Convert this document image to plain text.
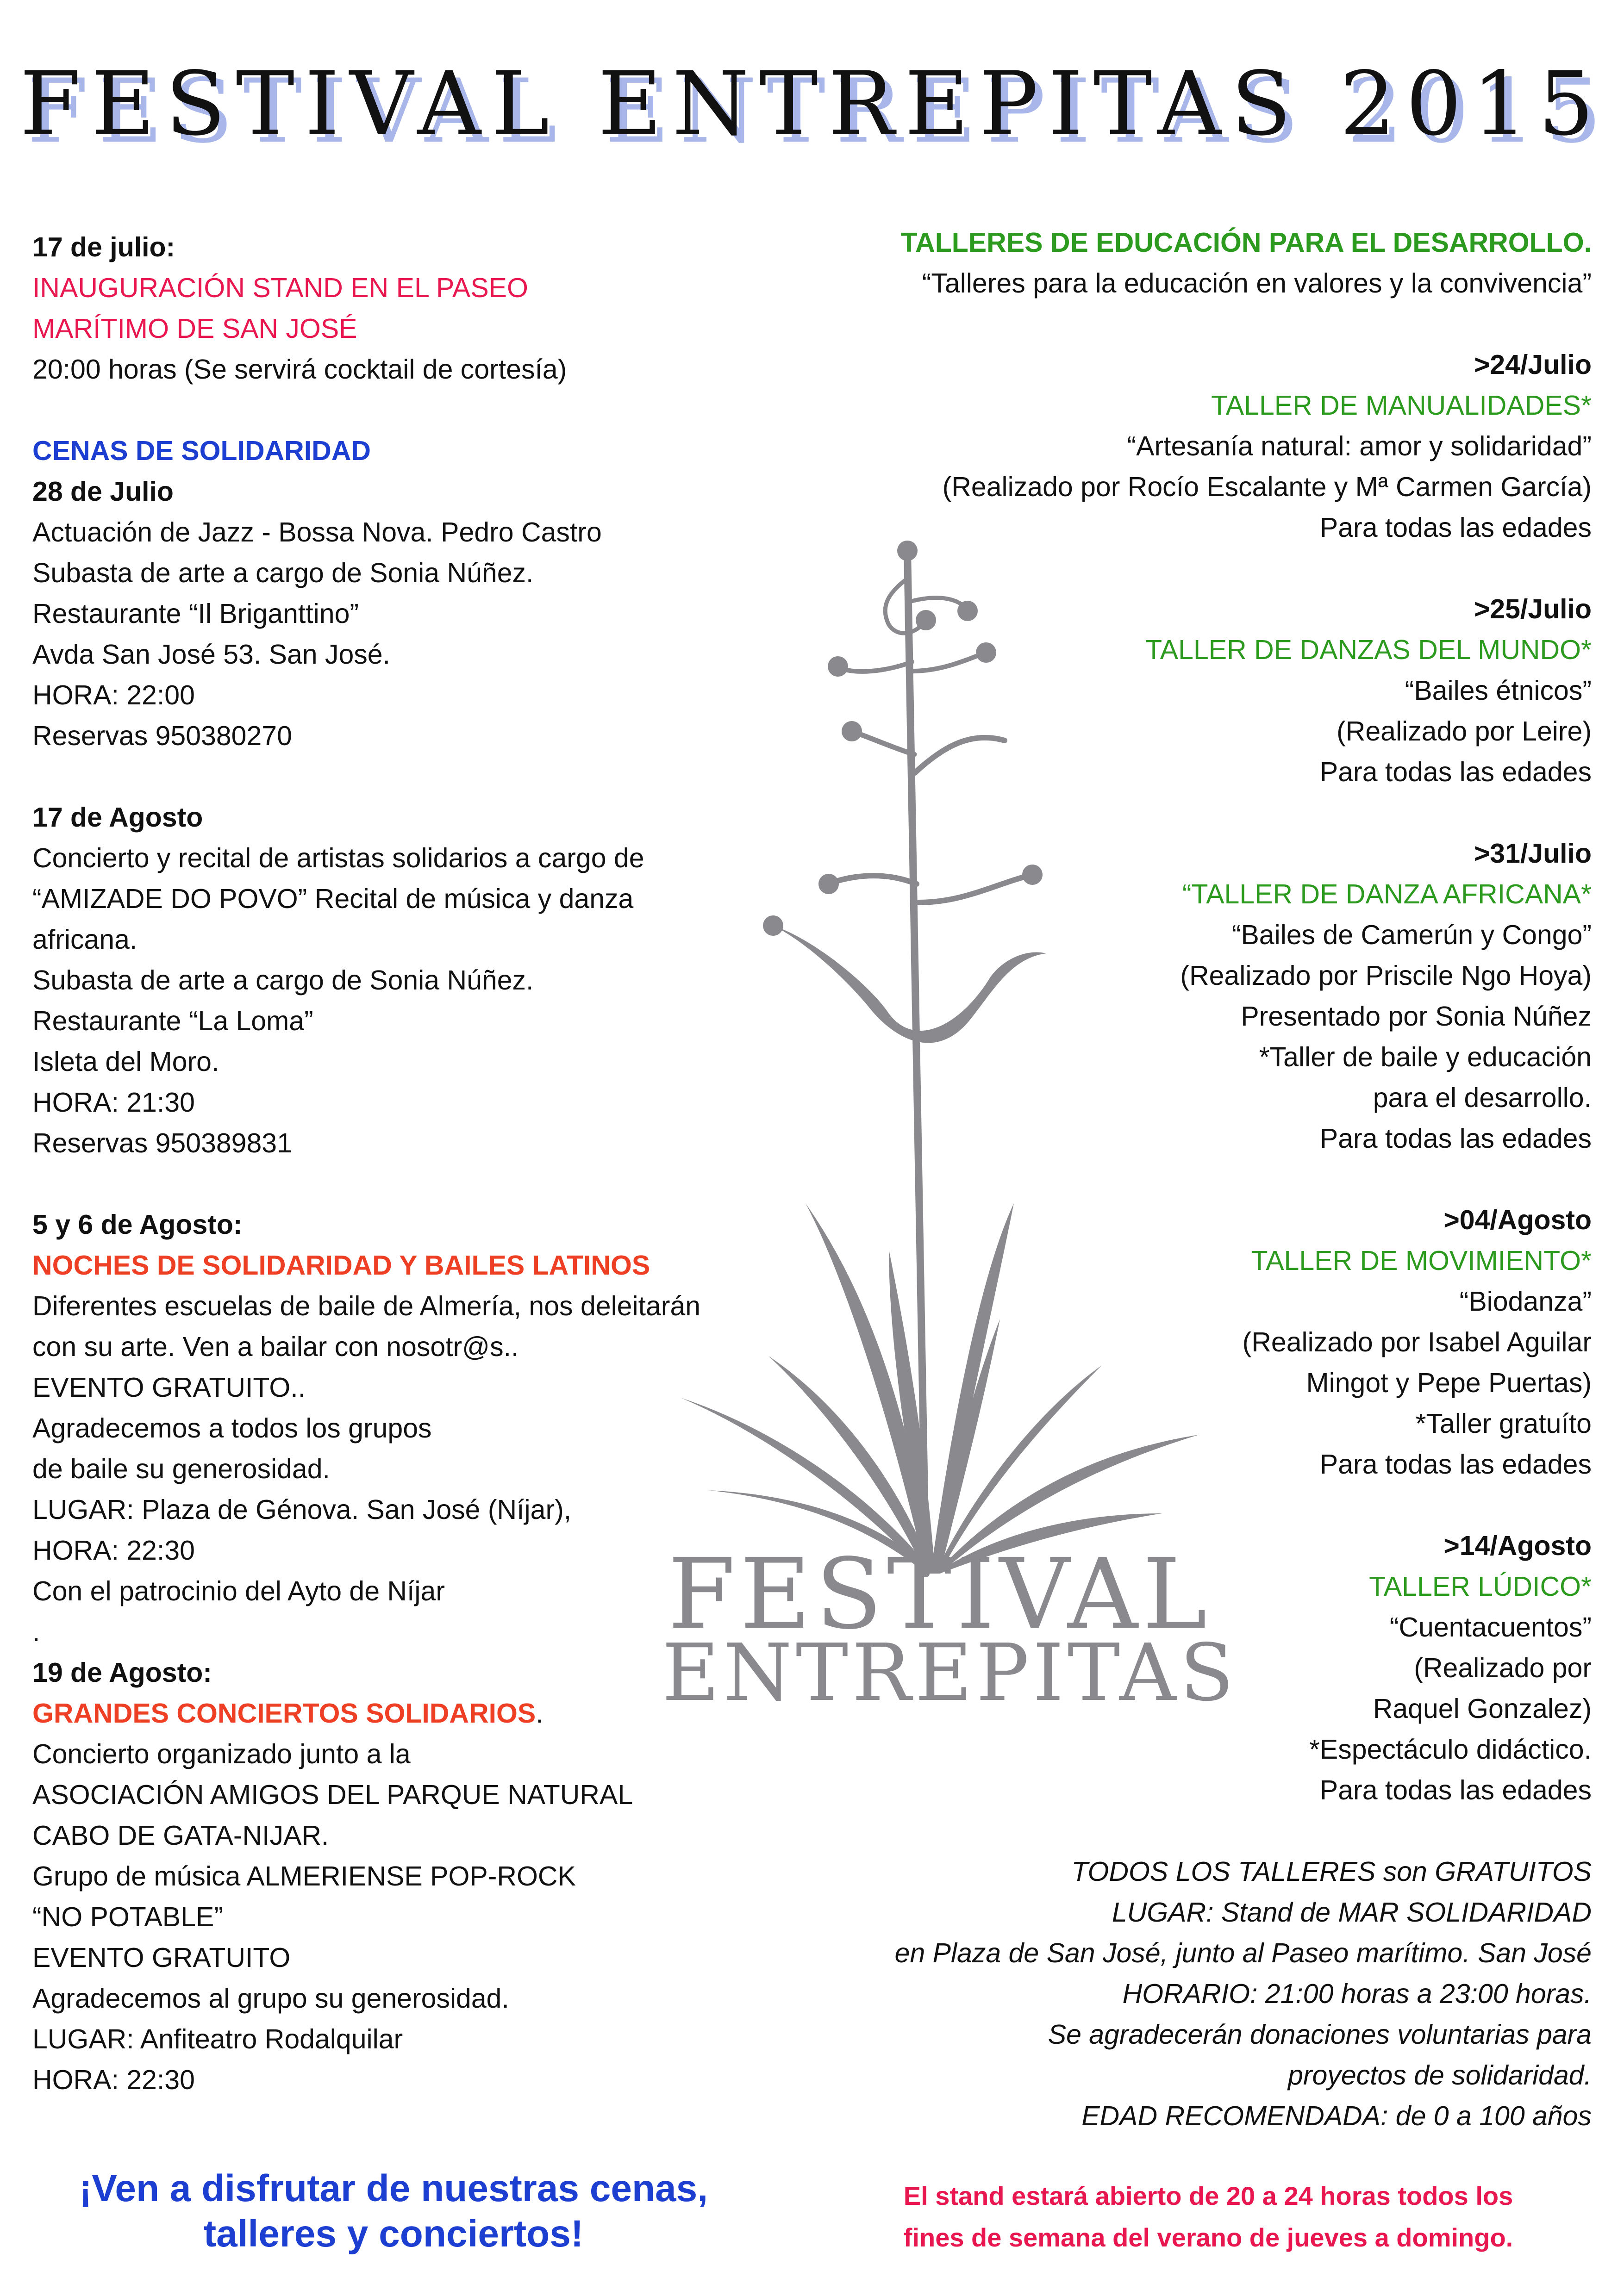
FESTIVAL ENTREPITAS 2015
FESTIVAL
ENTREPITAS
17 de julio:
INAUGURACIÓN STAND EN EL PASEO
MARÍTIMO DE SAN JOSÉ
20:00 horas (Se servirá cocktail de cortesía)
CENAS DE SOLIDARIDAD
28 de Julio
Actuación de Jazz - Bossa Nova. Pedro Castro
Subasta de arte a cargo de Sonia Núñez.
Restaurante “Il Briganttino”
Avda San José 53. San José.
HORA: 22:00
Reservas 950380270
17 de Agosto
Concierto y recital de artistas solidarios a cargo de
“AMIZADE DO POVO” Recital de música y danza
africana.
Subasta de arte a cargo de Sonia Núñez.
Restaurante “La Loma”
Isleta del Moro.
HORA: 21:30
Reservas 950389831
5 y 6 de Agosto:
NOCHES DE SOLIDARIDAD Y BAILES LATINOS
Diferentes escuelas de baile de Almería, nos deleitarán
con su arte. Ven a bailar con nosotr@s..
EVENTO GRATUITO..
Agradecemos a todos los grupos
de baile su generosidad.
LUGAR: Plaza de Génova. San José (Níjar),
HORA: 22:30
Con el patrocinio del Ayto de Níjar
.
19 de Agosto:
GRANDES CONCIERTOS SOLIDARIOS.
Concierto organizado junto a la
ASOCIACIÓN AMIGOS DEL PARQUE NATURAL
CABO DE GATA-NIJAR.
Grupo de música ALMERIENSE POP-ROCK
“NO POTABLE”
EVENTO GRATUITO
Agradecemos al grupo su generosidad.
LUGAR: Anfiteatro Rodalquilar
HORA: 22:30
TALLERES DE EDUCACIÓN PARA EL DESARROLLO.
“Talleres para la educación en valores y la convivencia”
>24/Julio
TALLER DE MANUALIDADES*
“Artesanía natural: amor y solidaridad”
(Realizado por Rocío Escalante y Mª Carmen García)
Para todas las edades
>25/Julio
TALLER DE DANZAS DEL MUNDO*
“Bailes étnicos”
(Realizado por Leire)
Para todas las edades
>31/Julio
“TALLER DE DANZA AFRICANA*
“Bailes de Camerún y Congo”
(Realizado por Priscile Ngo Hoya)
Presentado por Sonia Núñez
*Taller de baile y educación
para el desarrollo.
Para todas las edades
>04/Agosto
TALLER DE MOVIMIENTO*
“Biodanza”
(Realizado por Isabel Aguilar
Mingot y Pepe Puertas)
*Taller gratuíto
Para todas las edades
>14/Agosto
TALLER LÚDICO*
“Cuentacuentos”
(Realizado por
Raquel Gonzalez)
*Espectáculo didáctico.
Para todas las edades
TODOS LOS TALLERES son GRATUITOS
LUGAR: Stand de MAR SOLIDARIDAD
en Plaza de San José, junto al Paseo marítimo. San José
HORARIO: 21:00 horas a 23:00 horas.
Se agradecerán donaciones voluntarias para
proyectos de solidaridad.
EDAD RECOMENDADA: de 0 a 100 años
¡Ven a disfrutar de nuestras cenas,
talleres y conciertos!
El stand estará abierto de 20 a 24 horas todos los
fines de semana del verano de jueves a domingo.
